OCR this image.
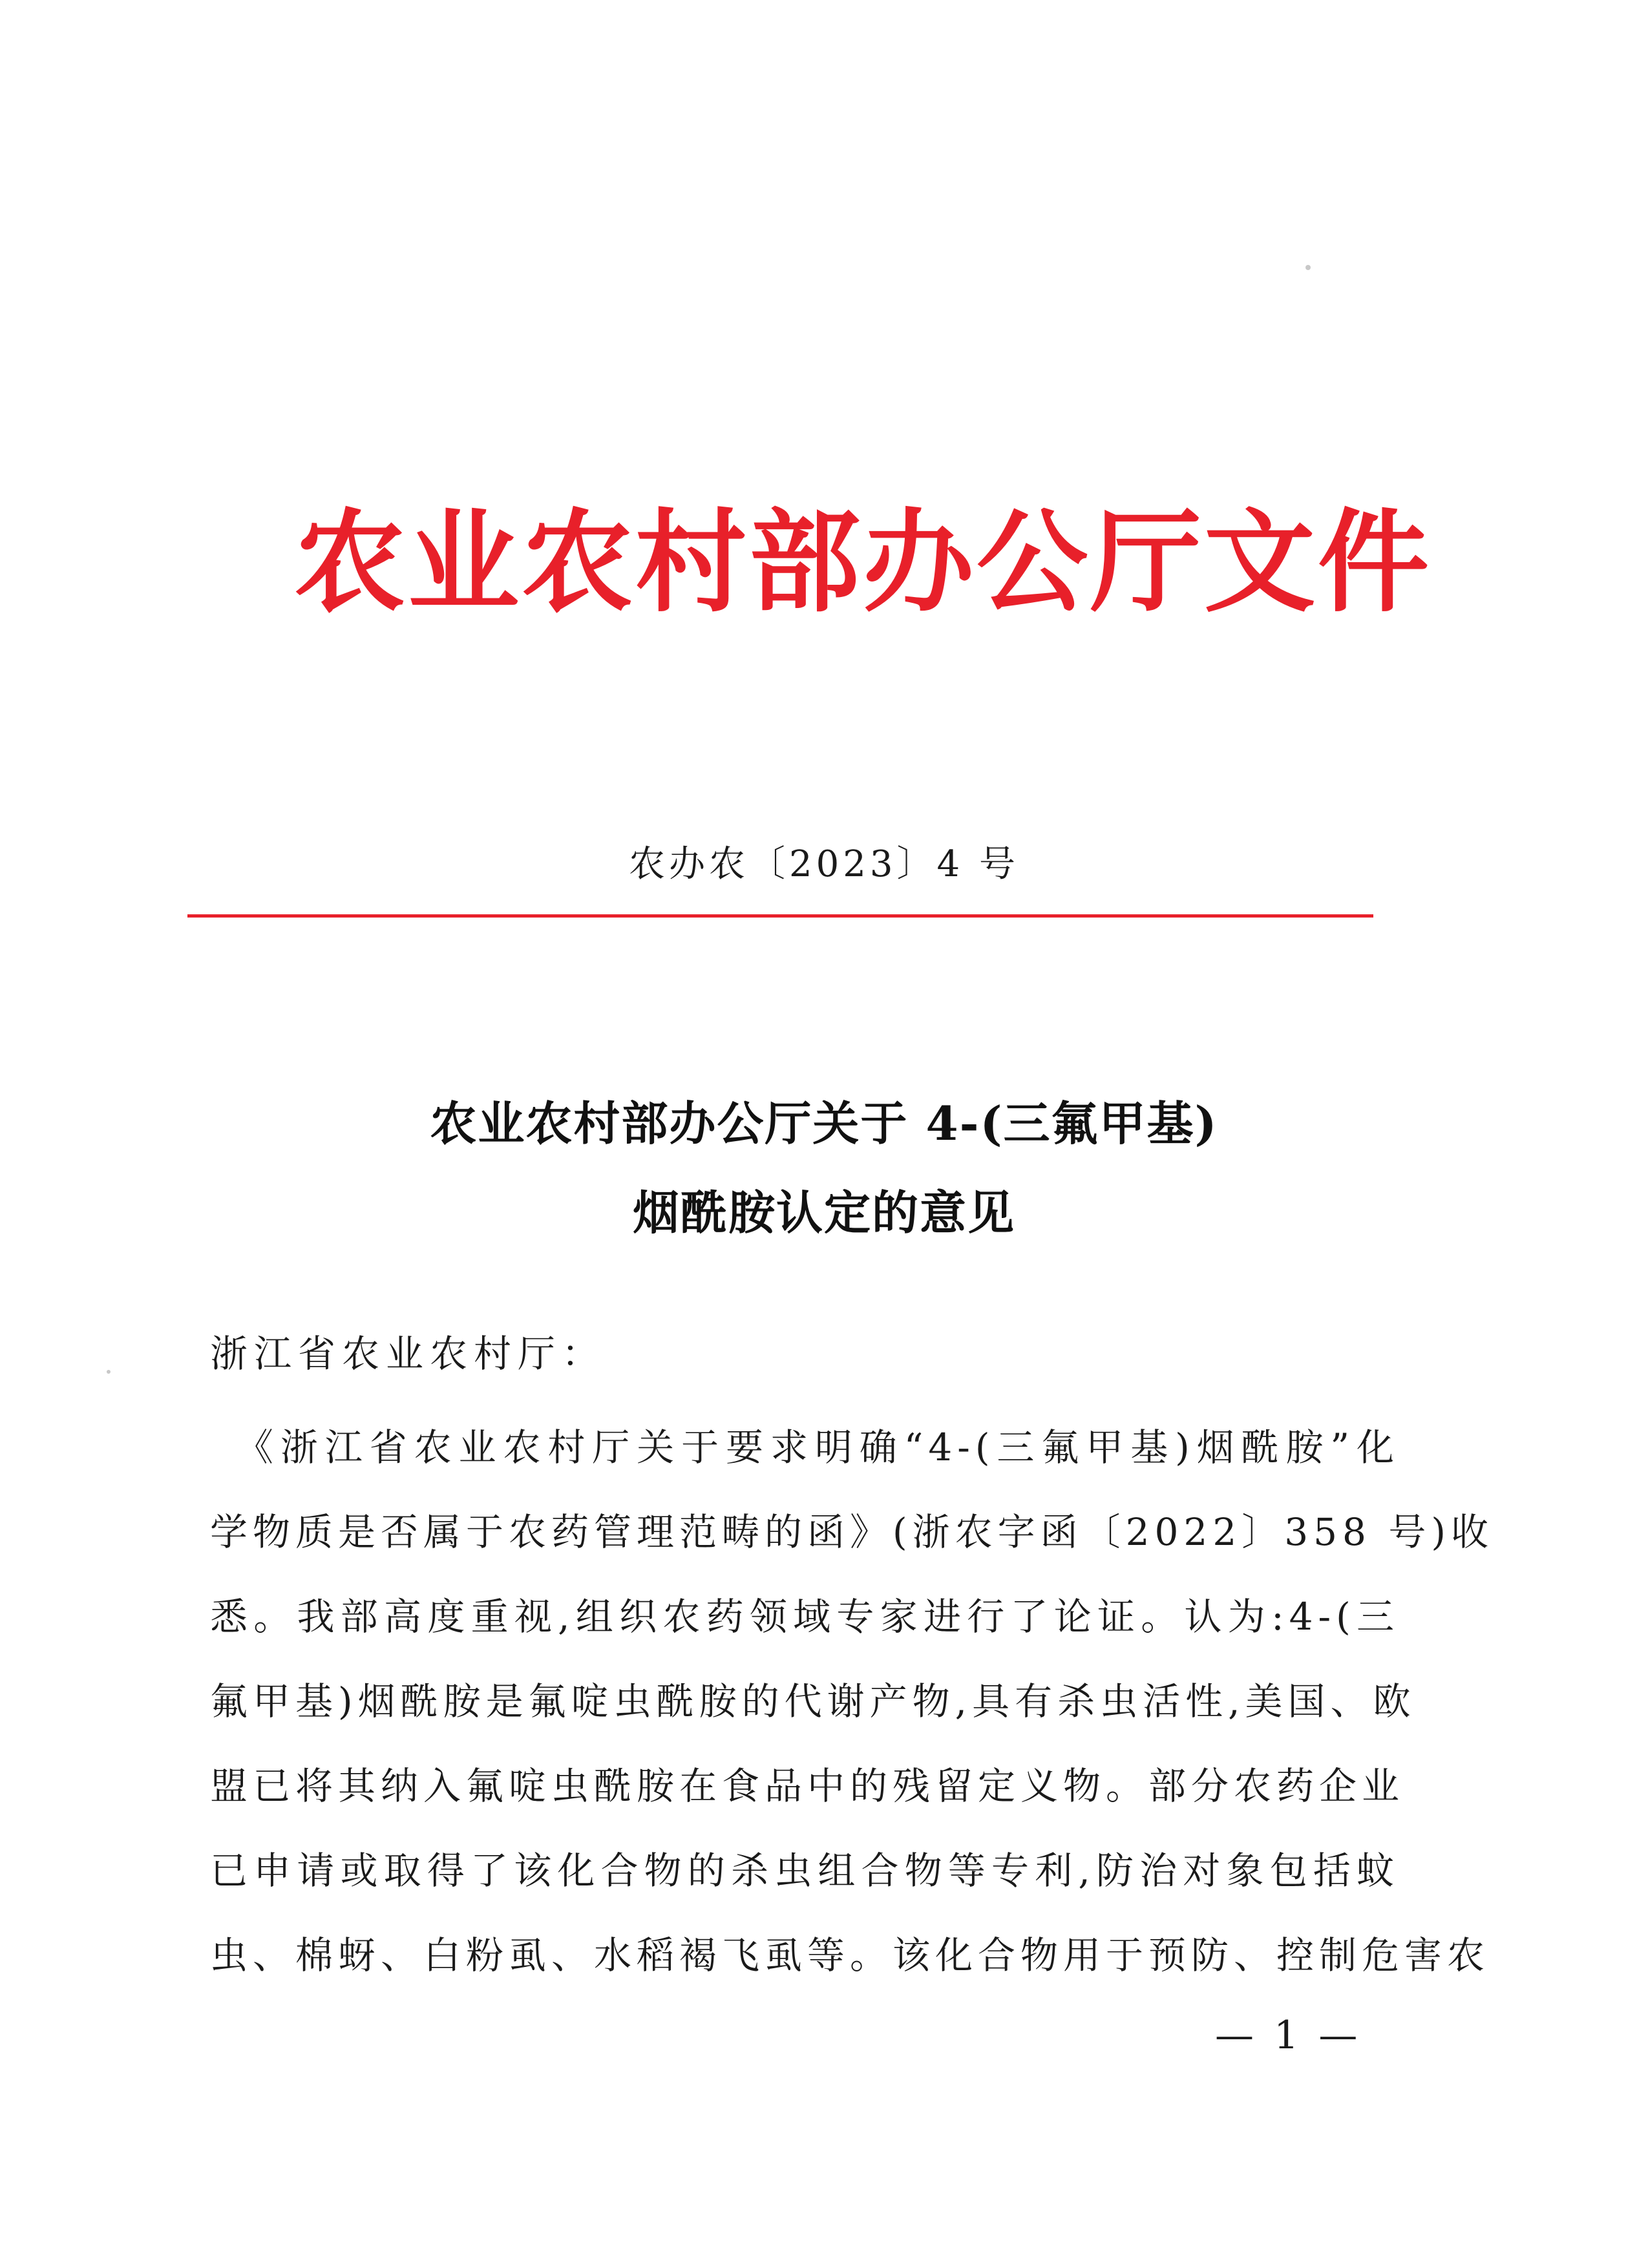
农业农村部办公厅文件
农办农〔2023〕4 号
农业农村部办公厅关于 4-(三氟甲基)
烟酰胺认定的意见
浙江省农业农村厅：
　《浙江省农业农村厅关于要求明确“4-(三氟甲基)烟酰胺”化
学物质是否属于农药管理范畴的函》(浙农字函〔2022〕358 号)收
悉。我部高度重视,组织农药领域专家进行了论证。认为:4-(三
氟甲基)烟酰胺是氟啶虫酰胺的代谢产物,具有杀虫活性,美国、欧
盟已将其纳入氟啶虫酰胺在食品中的残留定义物。部分农药企业
已申请或取得了该化合物的杀虫组合物等专利,防治对象包括蚊
虫、棉蚜、白粉虱、水稻褐飞虱等。该化合物用于预防、控制危害农
— 1 —
